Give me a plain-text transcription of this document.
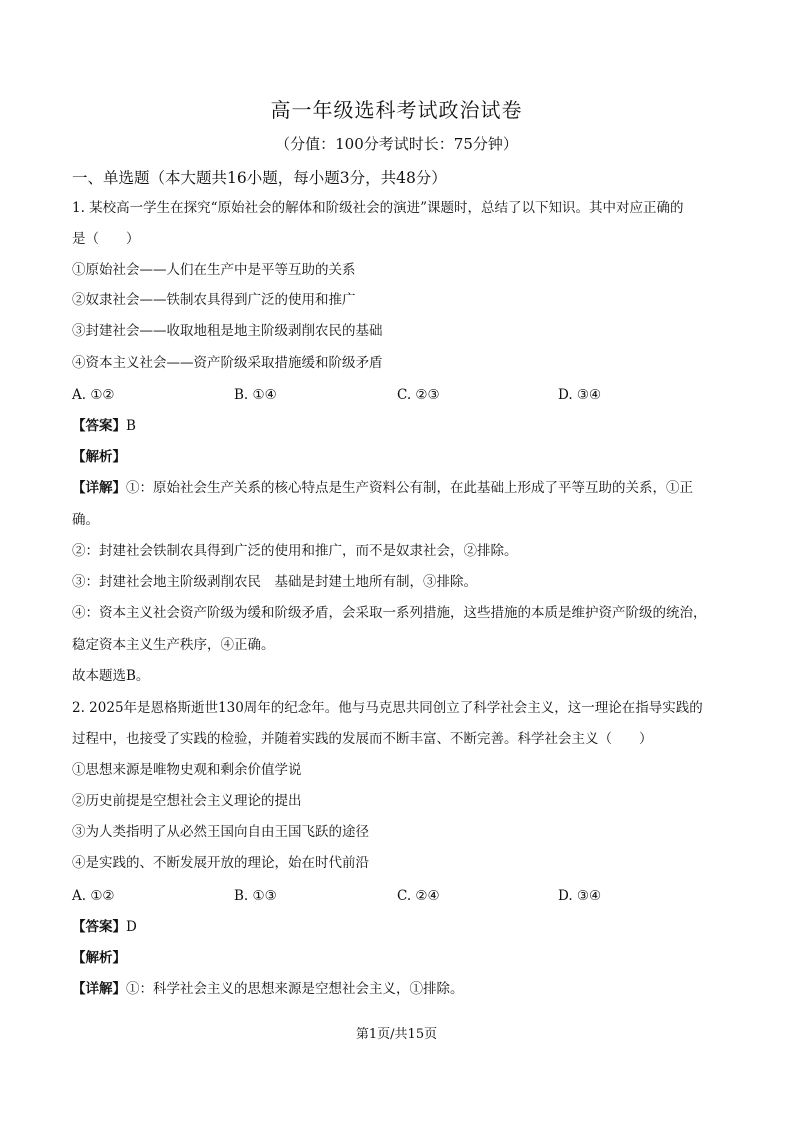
高一年级选科考试政治试卷
（分值：100分考试时长：75分钟）
一、单选题（本大题共16小题，每小题3分，共48分）
1. 某校高一学生在探究“原始社会的解体和阶级社会的演进”课题时，总结了以下知识。其中对应正确的
是（　　）
①原始社会——人们在生产中是平等互助的关系
②奴隶社会——铁制农具得到广泛的使用和推广
③封建社会——收取地租是地主阶级剥削农民的基础
④资本主义社会——资产阶级采取措施缓和阶级矛盾
A. ①②	B. ①④	C. ②③	D. ③④
【答案】B
【解析】
【详解】①：原始社会生产关系的核心特点是生产资料公有制，在此基础上形成了平等互助的关系，①正
确。
②：封建社会铁制农具得到广泛的使用和推广，而不是奴隶社会，②排除。
③：封建社会地主阶级剥削农民　基础是封建土地所有制，③排除。
④：资本主义社会资产阶级为缓和阶级矛盾，会采取一系列措施，这些措施的本质是维护资产阶级的统治，
稳定资本主义生产秩序，④正确。
故本题选B。
2. 2025年是恩格斯逝世130周年的纪念年。他与马克思共同创立了科学社会主义，这一理论在指导实践的
过程中，也接受了实践的检验，并随着实践的发展而不断丰富、不断完善。科学社会主义（　　）
①思想来源是唯物史观和剩余价值学说
②历史前提是空想社会主义理论的提出
③为人类指明了从必然王国向自由王国飞跃的途径
④是实践的、不断发展开放的理论，始在时代前沿
A. ①②	B. ①③	C. ②④	D. ③④
【答案】D
【解析】
【详解】①：科学社会主义的思想来源是空想社会主义，①排除。
第1页/共15页
